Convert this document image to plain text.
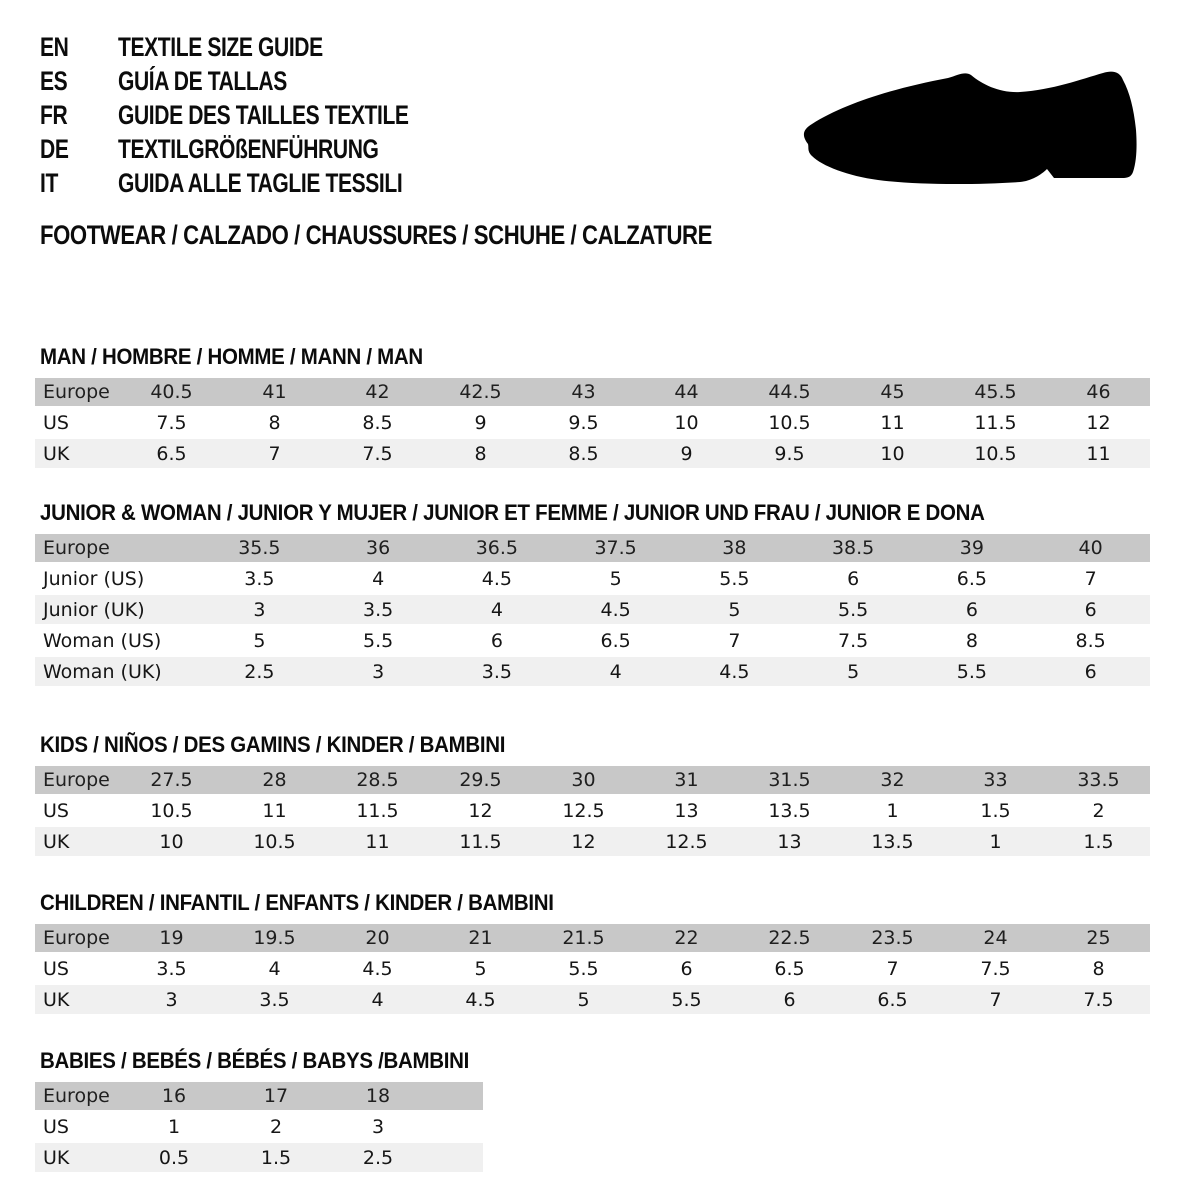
EN TEXTILE SIZE GUIDE
ES GUÍA DE TALLAS
FR GUIDE DES TAILLES TEXTILE
DE TEXTILGRÖßENFÜHRUNG
IT GUIDA ALLE TAGLIE TESSILI
FOOTWEAR / CALZADO / CHAUSSURES / SCHUHE / CALZATURE
MAN / HOMBRE / HOMME / MANN / MAN
Europe	40.5	41	42	42.5	43	44	44.5	45	45.5	46
US	7.5	8	8.5	9	9.5	10	10.5	11	11.5	12
UK	6.5	7	7.5	8	8.5	9	9.5	10	10.5	11
JUNIOR & WOMAN / JUNIOR Y MUJER / JUNIOR ET FEMME / JUNIOR UND FRAU / JUNIOR E DONA
Europe	35.5	36	36.5	37.5	38	38.5	39	40
Junior (US)	3.5	4	4.5	5	5.5	6	6.5	7
Junior (UK)	3	3.5	4	4.5	5	5.5	6	6
Woman (US)	5	5.5	6	6.5	7	7.5	8	8.5
Woman (UK)	2.5	3	3.5	4	4.5	5	5.5	6
KIDS / NIÑOS / DES GAMINS / KINDER / BAMBINI
Europe	27.5	28	28.5	29.5	30	31	31.5	32	33	33.5
US	10.5	11	11.5	12	12.5	13	13.5	1	1.5	2
UK	10	10.5	11	11.5	12	12.5	13	13.5	1	1.5
CHILDREN / INFANTIL / ENFANTS / KINDER / BAMBINI
Europe	19	19.5	20	21	21.5	22	22.5	23.5	24	25
US	3.5	4	4.5	5	5.5	6	6.5	7	7.5	8
UK	3	3.5	4	4.5	5	5.5	6	6.5	7	7.5
BABIES / BEBÉS / BÉBÉS / BABYS /BAMBINI
Europe	16	17	18	
US	1	2	3	
UK	0.5	1.5	2.5	
